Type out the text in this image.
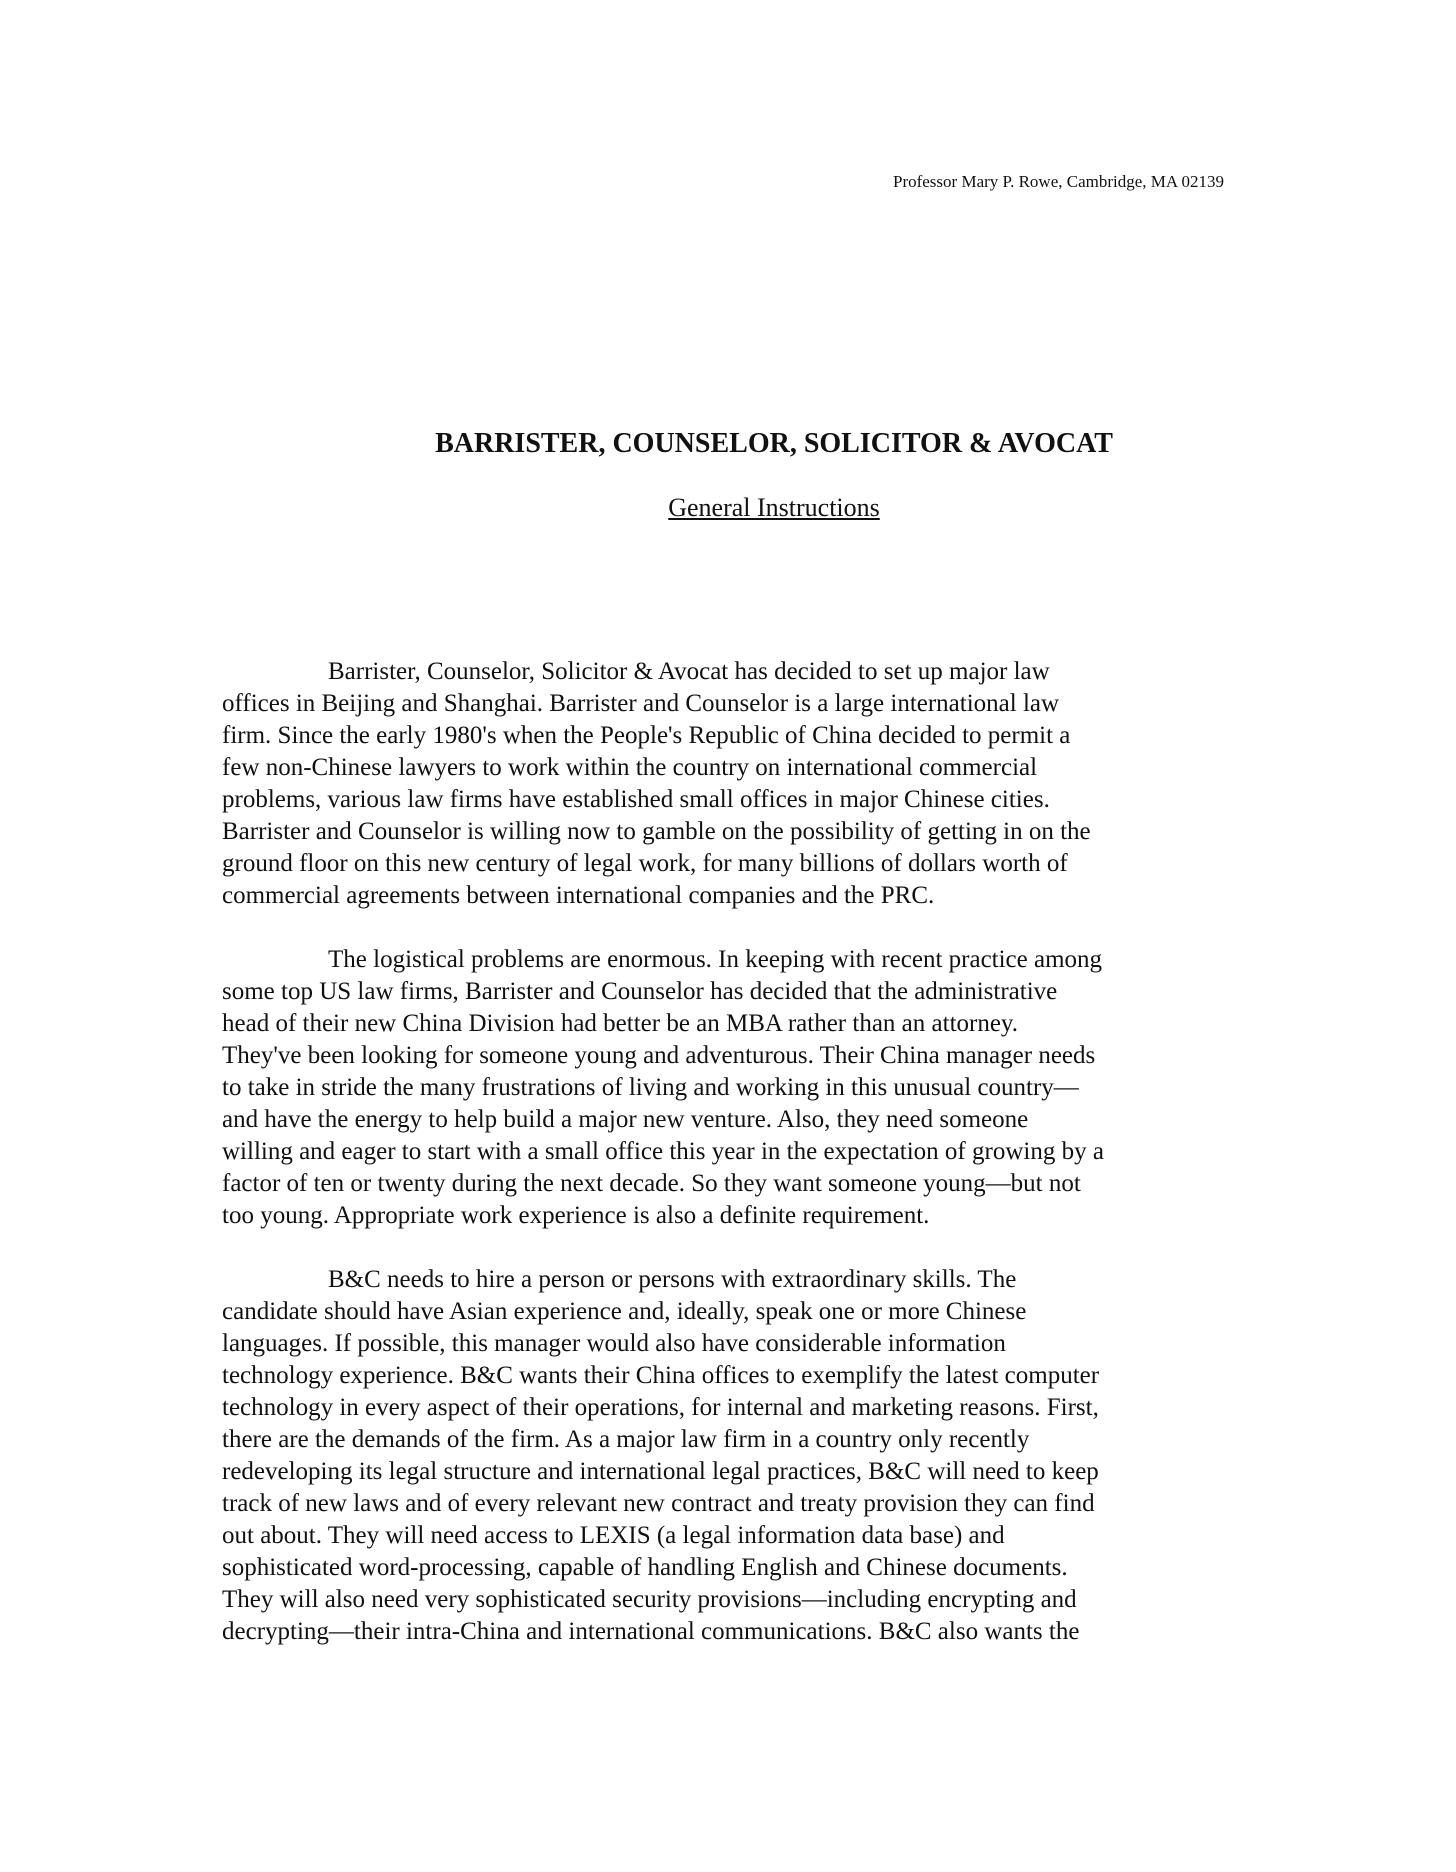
Professor Mary P. Rowe, Cambridge, MA 02139
BARRISTER, COUNSELOR, SOLICITOR & AVOCAT
General Instructions
Barrister, Counselor, Solicitor & Avocat has decided to set up major law
offices in Beijing and Shanghai. Barrister and Counselor is a large international law
firm. Since the early 1980's when the People's Republic of China decided to permit a
few non-Chinese lawyers to work within the country on international commercial
problems, various law firms have established small offices in major Chinese cities.
Barrister and Counselor is willing now to gamble on the possibility of getting in on the
ground floor on this new century of legal work, for many billions of dollars worth of
commercial agreements between international companies and the PRC.
The logistical problems are enormous. In keeping with recent practice among
some top US law firms, Barrister and Counselor has decided that the administrative
head of their new China Division had better be an MBA rather than an attorney.
They've been looking for someone young and adventurous. Their China manager needs
to take in stride the many frustrations of living and working in this unusual country—
and have the energy to help build a major new venture. Also, they need someone
willing and eager to start with a small office this year in the expectation of growing by a
factor of ten or twenty during the next decade. So they want someone young—but not
too young. Appropriate work experience is also a definite requirement.
B&C needs to hire a person or persons with extraordinary skills. The
candidate should have Asian experience and, ideally, speak one or more Chinese
languages. If possible, this manager would also have considerable information
technology experience. B&C wants their China offices to exemplify the latest computer
technology in every aspect of their operations, for internal and marketing reasons. First,
there are the demands of the firm. As a major law firm in a country only recently
redeveloping its legal structure and international legal practices, B&C will need to keep
track of new laws and of every relevant new contract and treaty provision they can find
out about. They will need access to LEXIS (a legal information data base) and
sophisticated word-processing, capable of handling English and Chinese documents.
They will also need very sophisticated security provisions—including encrypting and
decrypting—their intra-China and international communications. B&C also wants the
